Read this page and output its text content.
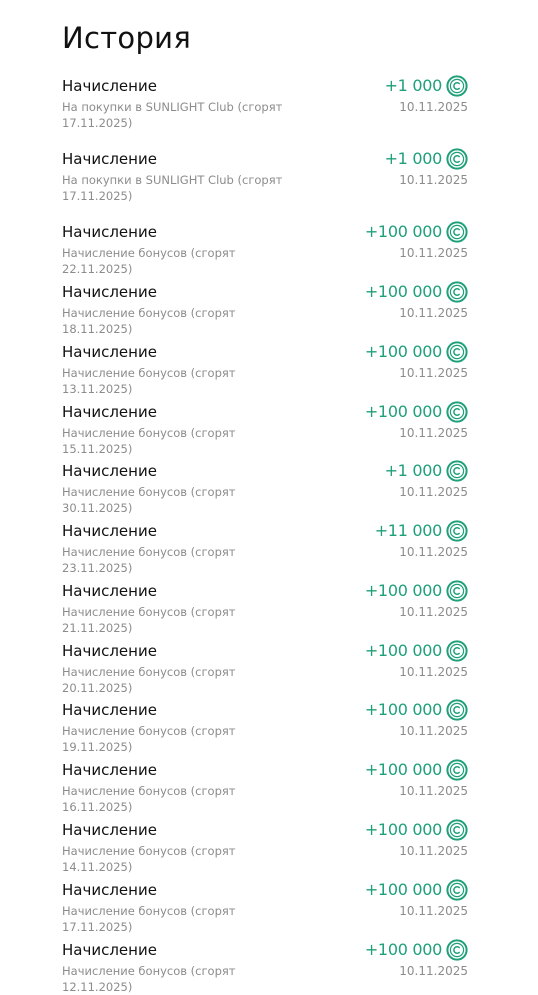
История
Начисление
На покупки в SUNLIGHT Club (сгорят 17.11.2025)
+1 000
10.11.2025
Начисление
На покупки в SUNLIGHT Club (сгорят 17.11.2025)
+1 000
10.11.2025
Начисление
Начисление бонусов (сгорят 22.11.2025)
+100 000
10.11.2025
Начисление
Начисление бонусов (сгорят 18.11.2025)
+100 000
10.11.2025
Начисление
Начисление бонусов (сгорят 13.11.2025)
+100 000
10.11.2025
Начисление
Начисление бонусов (сгорят 15.11.2025)
+100 000
10.11.2025
Начисление
Начисление бонусов (сгорят 30.11.2025)
+1 000
10.11.2025
Начисление
Начисление бонусов (сгорят 23.11.2025)
+11 000
10.11.2025
Начисление
Начисление бонусов (сгорят 21.11.2025)
+100 000
10.11.2025
Начисление
Начисление бонусов (сгорят 20.11.2025)
+100 000
10.11.2025
Начисление
Начисление бонусов (сгорят 19.11.2025)
+100 000
10.11.2025
Начисление
Начисление бонусов (сгорят 16.11.2025)
+100 000
10.11.2025
Начисление
Начисление бонусов (сгорят 14.11.2025)
+100 000
10.11.2025
Начисление
Начисление бонусов (сгорят 17.11.2025)
+100 000
10.11.2025
Начисление
Начисление бонусов (сгорят 12.11.2025)
+100 000
10.11.2025
